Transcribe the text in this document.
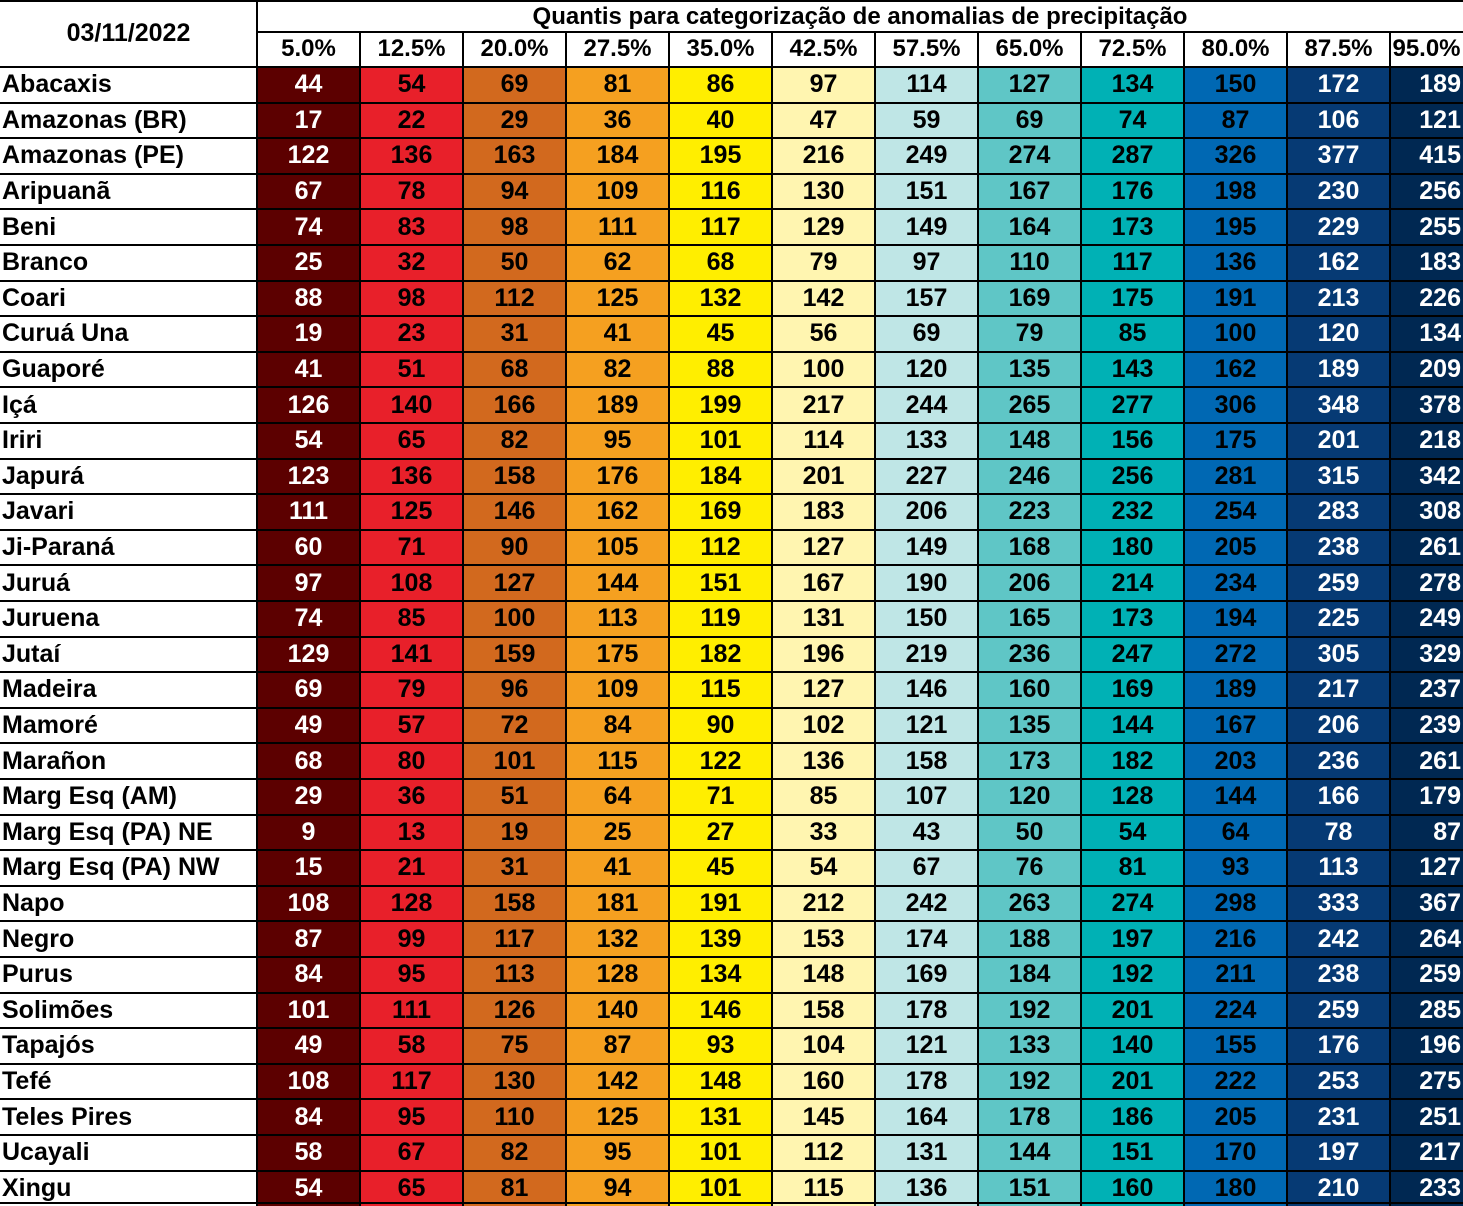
03/11/2022
Quantis para categorização de anomalias de precipitação
5.0%	12.5%	20.0%	27.5%	35.0%	42.5%	57.5%	65.0%	72.5%	80.0%	87.5% 95.0%
Abacaxis	44	54	69	81	86	97	114	127	134	150	172	189
Amazonas (BR)	17	22	29	36	40	47	59	69	74	87	106	121
Amazonas (PE)	122	136	163	184	195	216	249	274	287	326	377	415
Aripuanã	67	78	94	109	116	130	151	167	176	198	230	256
Beni	74	83	98	111	117	129	149	164	173	195	229	255
Branco	25	32	50	62	68	79	97	110	117	136	162	183
Coari	88	98	112	125	132	142	157	169	175	191	213	226
Curuá Una	19	23	31	41	45	56	69	79	85	100	120	134
Guaporé	41	51	68	82	88	100	120	135	143	162	189	209
Içá	126	140	166	189	199	217	244	265	277	306	348	378
Iriri	54	65	82	95	101	114	133	148	156	175	201	218
Japurá	123	136	158	176	184	201	227	246	256	281	315	342
Javari	111	125	146	162	169	183	206	223	232	254	283	308
Ji-Paraná	60	71	90	105	112	127	149	168	180	205	238	261
Juruá	97	108	127	144	151	167	190	206	214	234	259	278
Juruena	74	85	100	113	119	131	150	165	173	194	225	249
Jutaí	129	141	159	175	182	196	219	236	247	272	305	329
Madeira	69	79	96	109	115	127	146	160	169	189	217	237
Mamoré	49	57	72	84	90	102	121	135	144	167	206	239
Marañon	68	80	101	115	122	136	158	173	182	203	236	261
Marg Esq (AM)	29	36	51	64	71	85	107	120	128	144	166	179
Marg Esq (PA) NE	9	13	19	25	27	33	43	50	54	64	78	87
Marg Esq (PA) NW	15	21	31	41	45	54	67	76	81	93	113	127
Napo	108	128	158	181	191	212	242	263	274	298	333	367
Negro	87	99	117	132	139	153	174	188	197	216	242	264
Purus	84	95	113	128	134	148	169	184	192	211	238	259
Solimões	101	111	126	140	146	158	178	192	201	224	259	285
Tapajós	49	58	75	87	93	104	121	133	140	155	176	196
Tefé	108	117	130	142	148	160	178	192	201	222	253	275
Teles Pires	84	95	110	125	131	145	164	178	186	205	231	251
Ucayali	58	67	82	95	101	112	131	144	151	170	197	217
Xingu	54	65	81	94	101	115	136	151	160	180	210	233
